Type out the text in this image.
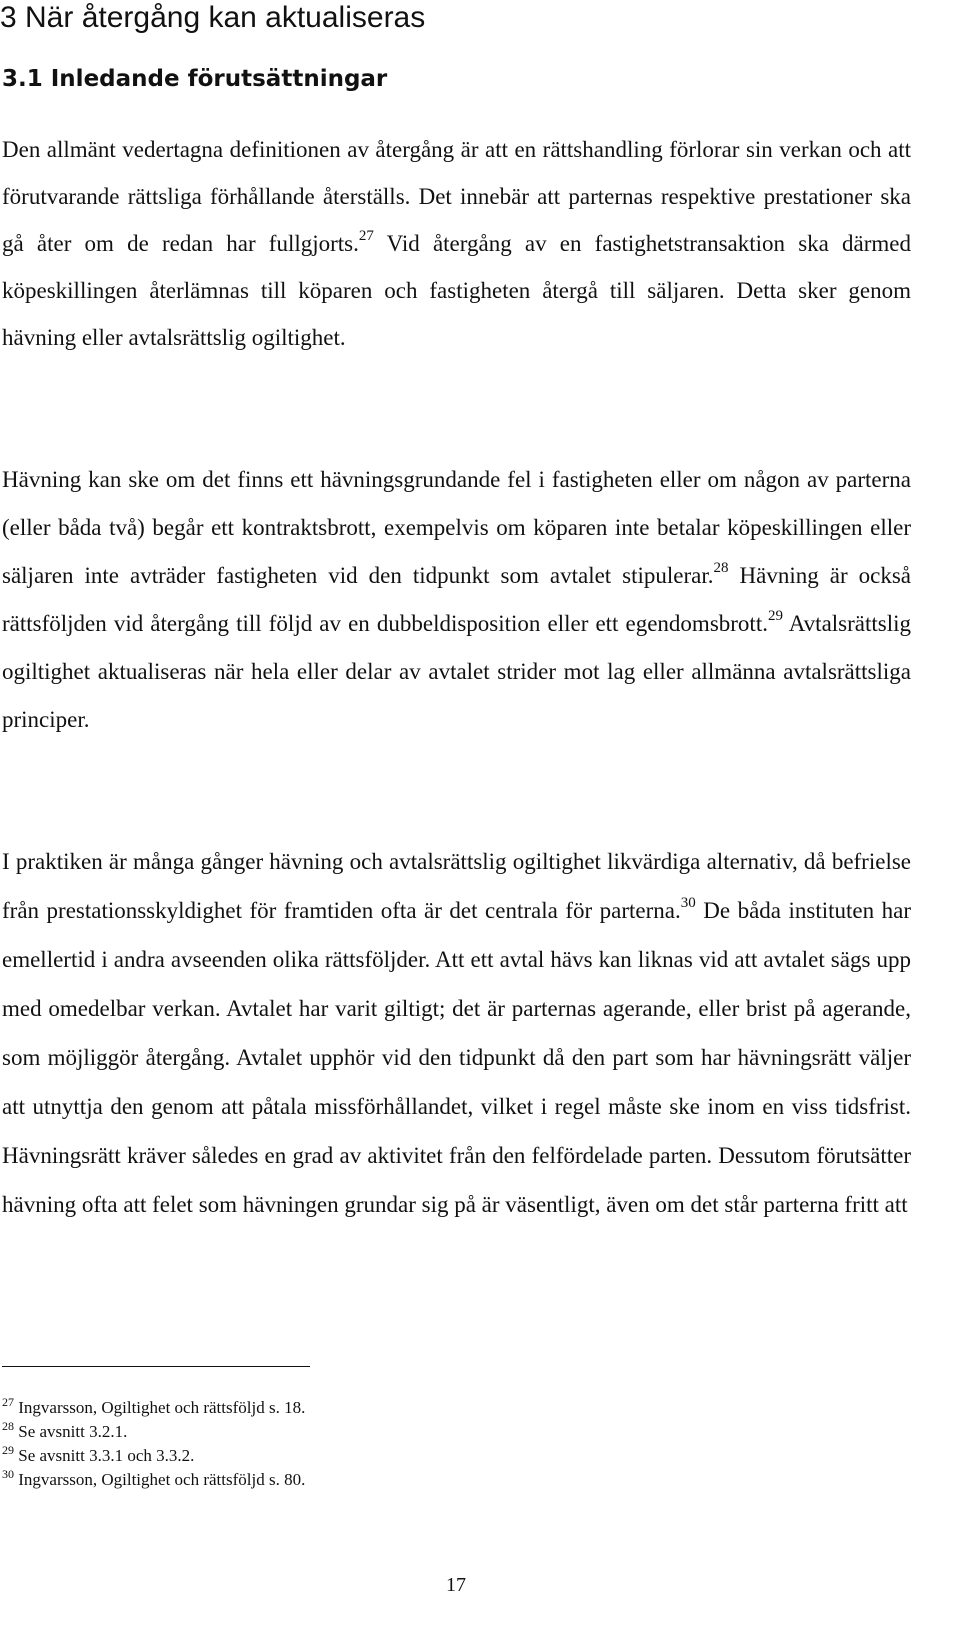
3 När återgång kan aktualiseras
3.1 Inledande förutsättningar

Den allmänt vedertagna definitionen av återgång är att en rättshandling förlorar sin verkan och att förutvarande rättsliga förhållande återställs. Det innebär att parternas respektive prestationer ska gå åter om de redan har fullgjorts.$^{27}$ Vid återgång av en fastighetstransaktion ska därmed köpeskillingen återlämnas till köparen och fastigheten återgå till säljaren. Detta sker genom hävning eller avtalsrättslig ogiltighet.

Hävning kan ske om det finns ett hävningsgrundande fel i fastigheten eller om någon av parterna (eller båda två) begår ett kontraktsbrott, exempelvis om köparen inte betalar köpeskillingen eller säljaren inte avträder fastigheten vid den tidpunkt som avtalet stipulerar.$^{28}$ Hävning är också rättsföljden vid återgång till följd av en dubbeldisposition eller ett egendomsbrott.$^{29}$ Avtalsrättslig ogiltighet aktualiseras när hela eller delar av avtalet strider mot lag eller allmänna avtalsrättsliga principer.

I praktiken är många gånger hävning och avtalsrättslig ogiltighet likvärdiga alternativ, då befrielse från prestationsskyldighet för framtiden ofta är det centrala för parterna.$^{30}$ De båda instituten har emellertid i andra avseenden olika rättsföljder. Att ett avtal hävs kan liknas vid att avtalet sägs upp med omedelbar verkan. Avtalet har varit giltigt; det är parternas agerande, eller brist på agerande, som möjliggör återgång. Avtalet upphör vid den tidpunkt då den part som har hävningsrätt väljer att utnyttja den genom att påtala missförhållandet, vilket i regel måste ske inom en viss tidsfrist. Hävningsrätt kräver således en grad av aktivitet från den felfördelade parten. Dessutom förutsätter hävning ofta att felet som hävningen grundar sig på är väsentligt, även om det står parterna fritt att

$^{27}$ Ingvarsson, Ogiltighet och rättsföljd s. 18.
$^{28}$ Se avsnitt 3.2.1.
$^{29}$ Se avsnitt 3.3.1 och 3.3.2.
$^{30}$ Ingvarsson, Ogiltighet och rättsföljd s. 80.
17
